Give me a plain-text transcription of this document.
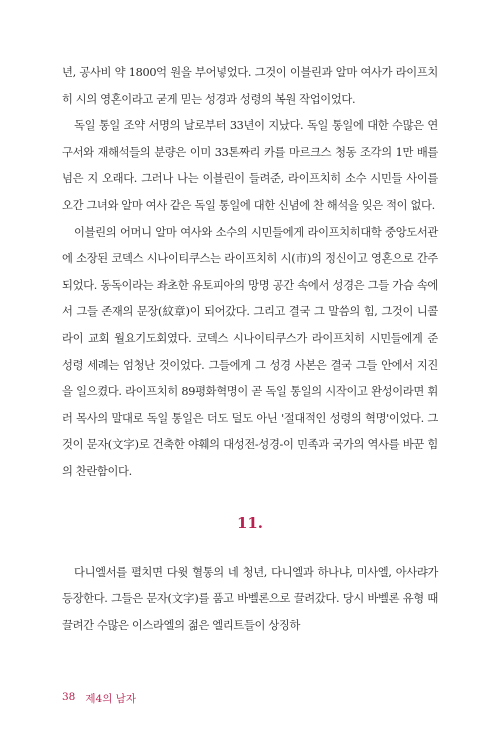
년, 공사비 약 1800억 원을 부어넣었다. 그것이 이블린과 알마 여사가 라이프치히 시의 영혼이라고 굳게 믿는 성경과 성령의 복원 작업이었다.

독일 통일 조약 서명의 날로부터 33년이 지났다. 독일 통일에 대한 수많은 연구서와 재해석들의 분량은 이미 33톤짜리 카를 마르크스 청동 조각의 1만 배를 넘은 지 오래다. 그러나 나는 이블린이 들려준, 라이프치히 소수 시민들 사이를 오간 그녀와 알마 여사 같은 독일 통일에 대한 신념에 찬 해석을 잊은 적이 없다.

이블린의 어머니 알마 여사와 소수의 시민들에게 라이프치히대학 중앙도서관에 소장된 코덱스 시나이티쿠스는 라이프치히 시(市)의 정신이고 영혼으로 간주되었다. 동독이라는 좌초한 유토피아의 망명 공간 속에서 성경은 그들 가슴 속에서 그들 존재의 문장(紋章)이 되어갔다. 그리고 결국 그 말씀의 힘, 그것이 니콜라이 교회 월요기도회였다. 코덱스 시나이티쿠스가 라이프치히 시민들에게 준 성령 세례는 엄청난 것이었다. 그들에게 그 성경 사본은 결국 그들 안에서 지진을 일으켰다. 라이프치히 89평화혁명이 곧 독일 통일의 시작이고 완성이라면 휘러 목사의 말대로 독일 통일은 더도 덜도 아닌 '절대적인 성령의 혁명'이었다. 그것이 문자(文字)로 건축한 야훼의 대성전-성경-이 민족과 국가의 역사를 바꾼 힘의 찬란함이다.

11.

다니엘서를 펼치면 다윗 혈통의 네 청년, 다니엘과 하나냐, 미사엘, 아사랴가 등장한다. 그들은 문자(文字)를 품고 바벨론으로 끌려갔다. 당시 바벨론 유형 때 끌려간 수많은 이스라엘의 젊은 엘리트들이 상징하

38 제4의 남자
